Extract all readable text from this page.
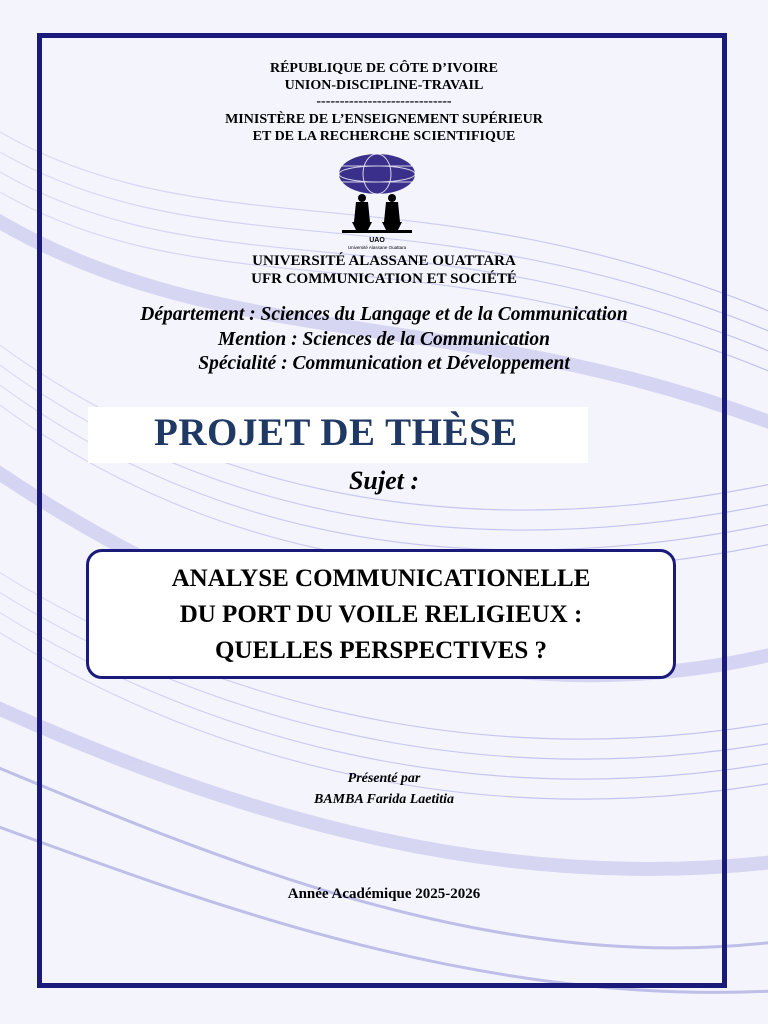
RÉPUBLIQUE DE CÔTE D’IVOIRE
UNION-DISCIPLINE-TRAVAIL
-----------------------------
MINISTÈRE DE L’ENSEIGNEMENT SUPÉRIEUR
ET DE LA RECHERCHE SCIENTIFIQUE
UAO
Université Alassane Ouattara
UNIVERSITÉ ALASSANE OUATTARA
UFR COMMUNICATION ET SOCIÉTÉ
Département : Sciences du Langage et de la Communication
Mention : Sciences de la Communication
Spécialité : Communication et Développement
PROJET DE THÈSE
Sujet :
ANALYSE COMMUNICATIONELLE
DU PORT DU VOILE RELIGIEUX :
QUELLES PERSPECTIVES ?
Présenté par
BAMBA Farida Laetitia
Année Académique 2025-2026
